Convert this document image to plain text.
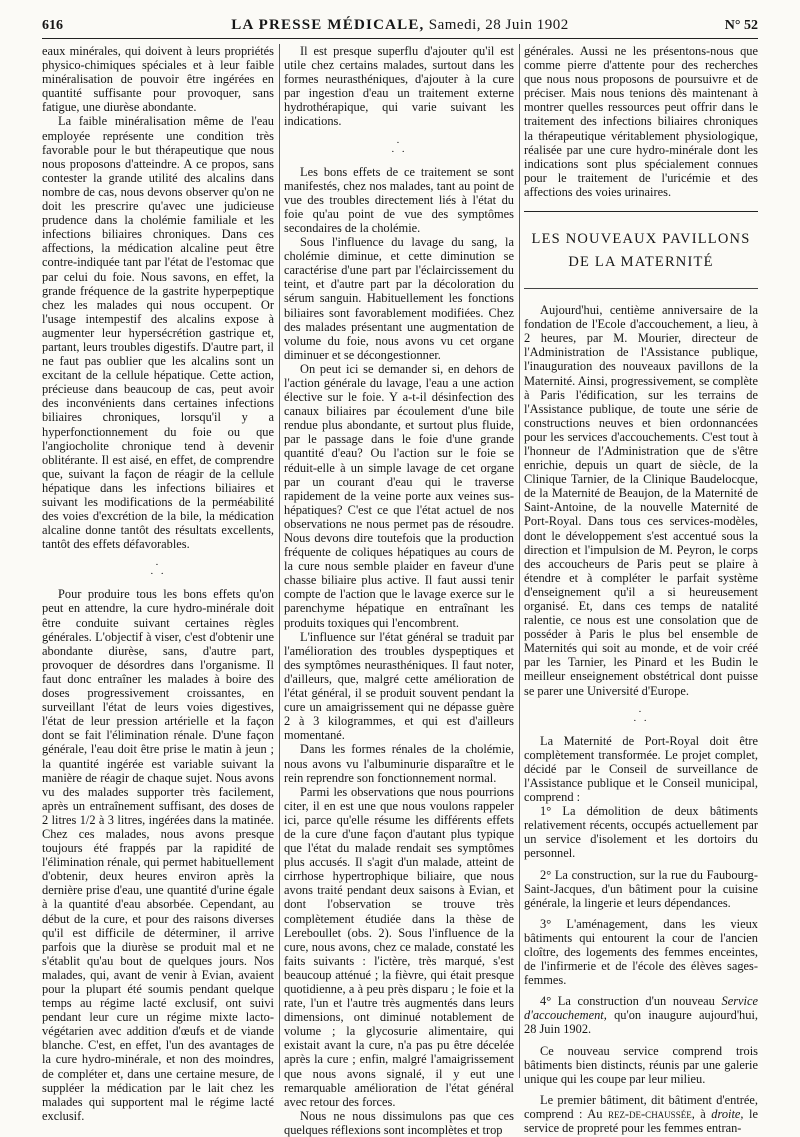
616	LA PRESSE MÉDICALE, Samedi, 28 Juin 1902	N° 52

eaux minérales, qui doivent à leurs propriétés physico-chimiques spéciales et à leur faible minéralisation de pouvoir être ingérées en quantité suffisante pour provoquer, sans fatigue, une diurèse abondante.

La faible minéralisation même de l'eau employée représente une condition très favorable pour le but thérapeutique que nous nous proposons d'atteindre. A ce propos, sans contester la grande utilité des alcalins dans nombre de cas, nous devons observer qu'on ne doit les prescrire qu'avec une judicieuse prudence dans la cholémie familiale et les infections biliaires chroniques. Dans ces affections, la médication alcaline peut être contre-indiquée tant par l'état de l'estomac que par celui du foie. Nous savons, en effet, la grande fréquence de la gastrite hyperpeptique chez les malades qui nous occupent. Or l'usage intempestif des alcalins expose à augmenter leur hypersécrétion gastrique et, partant, leurs troubles digestifs. D'autre part, il ne faut pas oublier que les alcalins sont un excitant de la cellule hépatique. Cette action, précieuse dans beaucoup de cas, peut avoir des inconvénients dans certaines infections biliaires chroniques, lorsqu'il y a hyperfonctionnement du foie ou que l'angiocholite chronique tend à devenir oblitérante. Il est aisé, en effet, de comprendre que, suivant la façon de réagir de la cellule hépatique dans les infections biliaires et suivant les modifications de la perméabilité des voies d'excrétion de la bile, la médication alcaline donne tantôt des résultats excellents, tantôt des effets défavorables.

·
· ·

Pour produire tous les bons effets qu'on peut en attendre, la cure hydro-minérale doit être conduite suivant certaines règles générales. L'objectif à viser, c'est d'obtenir une abondante diurèse, sans, d'autre part, provoquer de désordres dans l'organisme. Il faut donc entraîner les malades à boire des doses progressivement croissantes, en surveillant l'état de leurs voies digestives, l'état de leur pression artérielle et la façon dont se fait l'élimination rénale. D'une façon générale, l'eau doit être prise le matin à jeun ; la quantité ingérée est variable suivant la manière de réagir de chaque sujet. Nous avons vu des malades supporter très facilement, après un entraînement suffisant, des doses de 2 litres 1/2 à 3 litres, ingérées dans la matinée. Chez ces malades, nous avons presque toujours été frappés par la rapidité de l'élimination rénale, qui permet habituellement d'obtenir, deux heures environ après la dernière prise d'eau, une quantité d'urine égale à la quantité d'eau absorbée. Cependant, au début de la cure, et pour des raisons diverses qu'il est difficile de déterminer, il arrive parfois que la diurèse se produit mal et ne s'établit qu'au bout de quelques jours. Nos malades, qui, avant de venir à Evian, avaient pour la plupart été soumis pendant quelque temps au régime lacté exclusif, ont suivi pendant leur cure un régime mixte lacto-végétarien avec addition d'œufs et de viande blanche. C'est, en effet, l'un des avantages de la cure hydro-minérale, et non des moindres, de compléter et, dans une certaine mesure, de suppléer la médication par le lait chez les malades qui supportent mal le régime lacté exclusif.

Il est presque superflu d'ajouter qu'il est utile chez certains malades, surtout dans les formes neurasthéniques, d'ajouter à la cure par ingestion d'eau un traitement externe hydrothérapique, qui varie suivant les indications.

·
· ·

Les bons effets de ce traitement se sont manifestés, chez nos malades, tant au point de vue des troubles directement liés à l'état du foie qu'au point de vue des symptômes secondaires de la cholémie.

Sous l'influence du lavage du sang, la cholémie diminue, et cette diminution se caractérise d'une part par l'éclaircissement du teint, et d'autre part par la décoloration du sérum sanguin. Habituellement les fonctions biliaires sont favorablement modifiées. Chez des malades présentant une augmentation de volume du foie, nous avons vu cet organe diminuer et se décongestionner.

On peut ici se demander si, en dehors de l'action générale du lavage, l'eau a une action élective sur le foie. Y a-t-il désinfection des canaux biliaires par écoulement d'une bile rendue plus abondante, et surtout plus fluide, par le passage dans le foie d'une grande quantité d'eau? Ou l'action sur le foie se réduit-elle à un simple lavage de cet organe par un courant d'eau qui le traverse rapidement de la veine porte aux veines sus-hépatiques? C'est ce que l'état actuel de nos observations ne nous permet pas de résoudre. Nous devons dire toutefois que la production fréquente de coliques hépatiques au cours de la cure nous semble plaider en faveur d'une chasse biliaire plus active. Il faut aussi tenir compte de l'action que le lavage exerce sur le parenchyme hépatique en entraînant les produits toxiques qui l'encombrent.

L'influence sur l'état général se traduit par l'amélioration des troubles dyspeptiques et des symptômes neurasthéniques. Il faut noter, d'ailleurs, que, malgré cette amélioration de l'état général, il se produit souvent pendant la cure un amaigrissement qui ne dépasse guère 2 à 3 kilogrammes, et qui est d'ailleurs momentané.

Dans les formes rénales de la cholémie, nous avons vu l'albuminurie disparaître et le rein reprendre son fonctionnement normal.

Parmi les observations que nous pourrions citer, il en est une que nous voulons rappeler ici, parce qu'elle résume les différents effets de la cure d'une façon d'autant plus typique que l'état du malade rendait ses symptômes plus accusés. Il s'agit d'un malade, atteint de cirrhose hypertrophique biliaire, que nous avons traité pendant deux saisons à Evian, et dont l'observation se trouve très complètement étudiée dans la thèse de Lereboullet (obs. 2). Sous l'influence de la cure, nous avons, chez ce malade, constaté les faits suivants : l'ictère, très marqué, s'est beaucoup atténué ; la fièvre, qui était presque quotidienne, a à peu près disparu ; le foie et la rate, l'un et l'autre très augmentés dans leurs dimensions, ont diminué notablement de volume ; la glycosurie alimentaire, qui existait avant la cure, n'a pas pu être décelée après la cure ; enfin, malgré l'amaigrissement que nous avons signalé, il y eut une remarquable amélioration de l'état général avec retour des forces.

Nous ne nous dissimulons pas que ces quelques réflexions sont incomplètes et trop

générales. Aussi ne les présentons-nous que comme pierre d'attente pour des recherches que nous nous proposons de poursuivre et de préciser. Mais nous tenions dès maintenant à montrer quelles ressources peut offrir dans le traitement des infections biliaires chroniques la thérapeutique véritablement physiologique, réalisée par une cure hydro-minérale dont les indications sont plus spécialement connues pour le traitement de l'uricémie et des affections des voies urinaires.

LES NOUVEAUX PAVILLONS
DE LA MATERNITÉ

Aujourd'hui, centième anniversaire de la fondation de l'Ecole d'accouchement, a lieu, à 2 heures, par M. Mourier, directeur de l'Administration de l'Assistance publique, l'inauguration des nouveaux pavillons de la Maternité. Ainsi, progressivement, se complète à Paris l'édification, sur les terrains de l'Assistance publique, de toute une série de constructions neuves et bien ordonnancées pour les services d'accouchements. C'est tout à l'honneur de l'Administration que de s'être enrichie, depuis un quart de siècle, de la Clinique Tarnier, de la Clinique Baudelocque, de la Maternité de Beaujon, de la Maternité de Saint-Antoine, de la nouvelle Maternité de Port-Royal. Dans tous ces services-modèles, dont le développement s'est accentué sous la direction et l'impulsion de M. Peyron, le corps des accoucheurs de Paris peut se plaire à étendre et à compléter le parfait système d'enseignement qu'il a si heureusement organisé. Et, dans ces temps de natalité ralentie, ce nous est une consolation que de posséder à Paris le plus bel ensemble de Maternités qui soit au monde, et de voir créé par les Tarnier, les Pinard et les Budin le meilleur enseignement obstétrical dont puisse se parer une Université d'Europe.

·
· ·

La Maternité de Port-Royal doit être complètement transformée. Le projet complet, décidé par le Conseil de surveillance de l'Assistance publique et le Conseil municipal, comprend :

1° La démolition de deux bâtiments relativement récents, occupés actuellement par un service d'isolement et les dortoirs du personnel.

2° La construction, sur la rue du Faubourg-Saint-Jacques, d'un bâtiment pour la cuisine générale, la lingerie et leurs dépendances.

3° L'aménagement, dans les vieux bâtiments qui entourent la cour de l'ancien cloître, des logements des femmes enceintes, de l'infirmerie et de l'école des élèves sages-femmes.

4° La construction d'un nouveau Service d'accouchement, qu'on inaugure aujourd'hui, 28 Juin 1902.

Ce nouveau service comprend trois bâtiments bien distincts, réunis par une galerie unique qui les coupe par leur milieu.

Le premier bâtiment, dit bâtiment d'entrée, comprend : Au rez-de-chaussée, à droite, le service de propreté pour les femmes entran-
